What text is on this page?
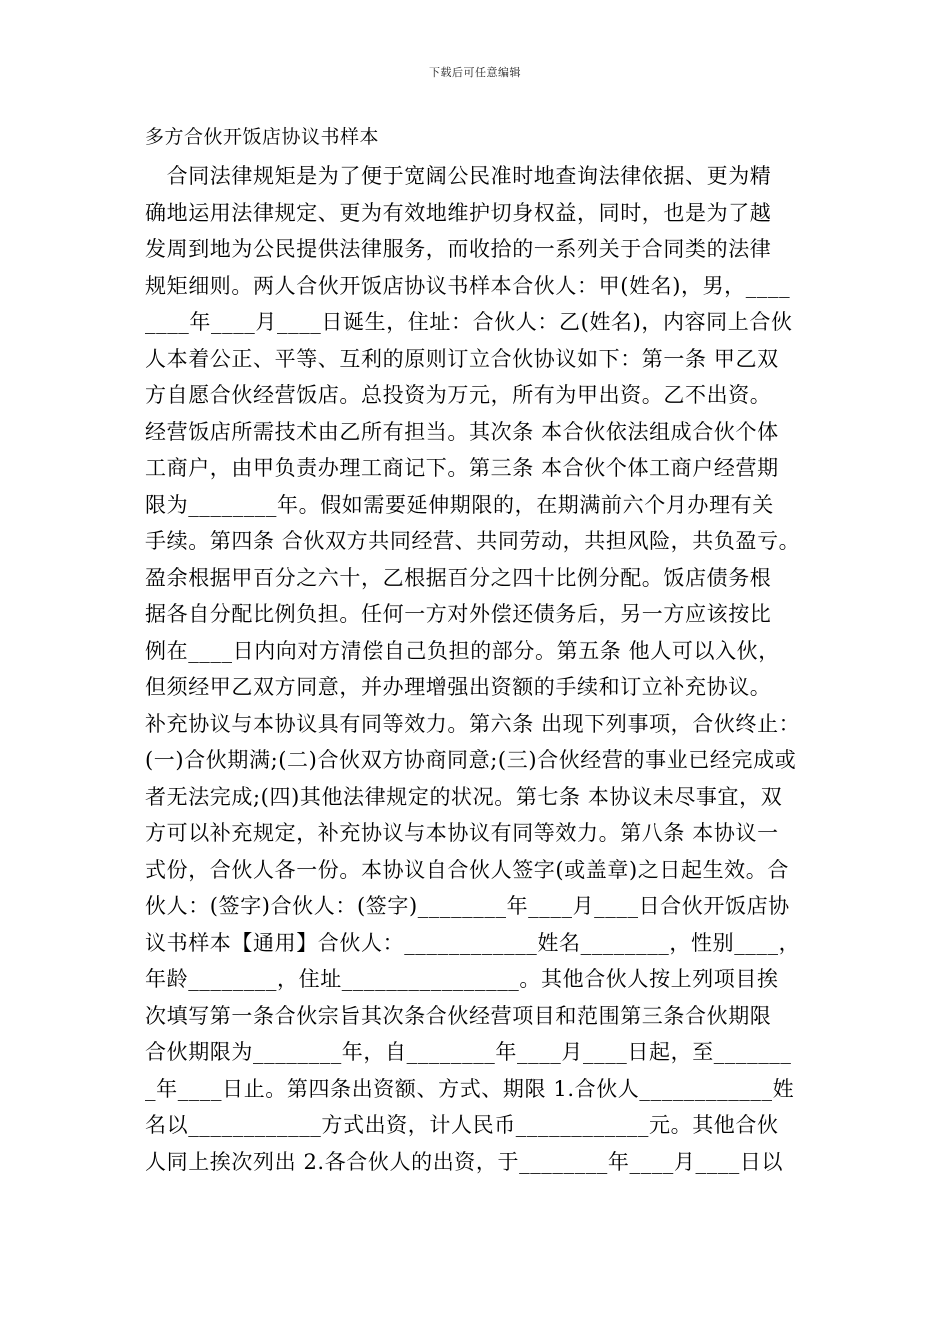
下载后可任意编辑
多方合伙开饭店协议书样本
　合同法律规矩是为了便于宽阔公民准时地查询法律依据、更为精
确地运用法律规定、更为有效地维护切身权益，同时，也是为了越
发周到地为公民提供法律服务，而收拾的一系列关于合同类的法律
规矩细则。两人合伙开饭店协议书样本合伙人：甲(姓名)，男，____
____年____月____日诞生，住址：合伙人：乙(姓名)，内容同上合伙
人本着公正、平等、互利的原则订立合伙协议如下：第一条 甲乙双
方自愿合伙经营饭店。总投资为万元，所有为甲出资。乙不出资。
经营饭店所需技术由乙所有担当。其次条 本合伙依法组成合伙个体
工商户，由甲负责办理工商记下。第三条 本合伙个体工商户经营期
限为________年。假如需要延伸期限的，在期满前六个月办理有关
手续。第四条 合伙双方共同经营、共同劳动，共担风险，共负盈亏。
盈余根据甲百分之六十，乙根据百分之四十比例分配。饭店债务根
据各自分配比例负担。任何一方对外偿还债务后，另一方应该按比
例在____日内向对方清偿自己负担的部分。第五条 他人可以入伙，
但须经甲乙双方同意，并办理增强出资额的手续和订立补充协议。
补充协议与本协议具有同等效力。第六条 出现下列事项，合伙终止：
(一)合伙期满;(二)合伙双方协商同意;(三)合伙经营的事业已经完成或
者无法完成;(四)其他法律规定的状况。第七条 本协议未尽事宜，双
方可以补充规定，补充协议与本协议有同等效力。第八条 本协议一
式份，合伙人各一份。本协议自合伙人签字(或盖章)之日起生效。合
伙人：(签字)合伙人：(签字)________年____月____日合伙开饭店协
议书样本【通用】合伙人：____________姓名________，性别____，
年龄________，住址________________。其他合伙人按上列项目挨
次填写第一条合伙宗旨其次条合伙经营项目和范围第三条合伙期限
合伙期限为________年，自________年____月____日起，至_______
_年____日止。第四条出资额、方式、期限 1.合伙人____________姓
名以____________方式出资，计人民币____________元。其他合伙
人同上挨次列出 2.各合伙人的出资，于________年____月____日以
